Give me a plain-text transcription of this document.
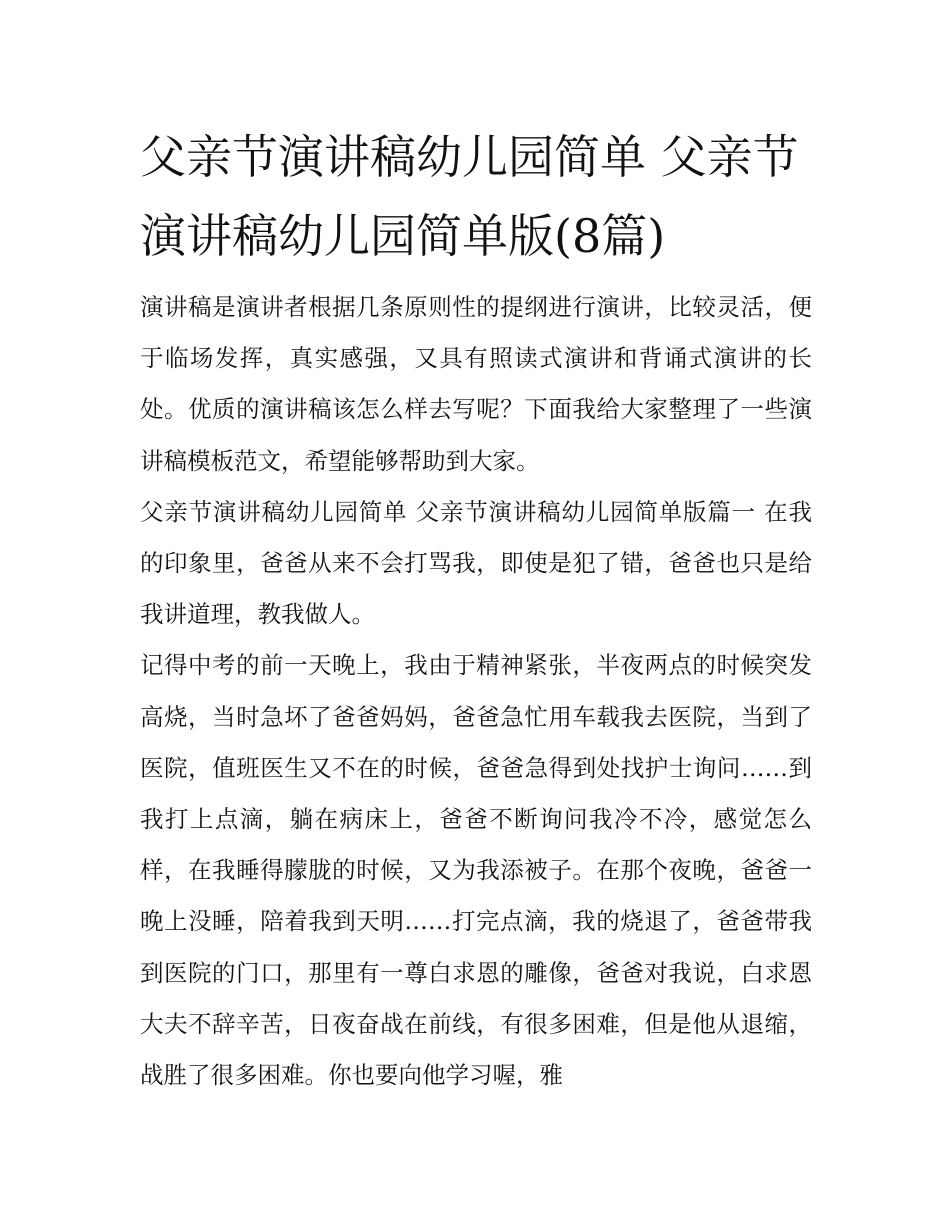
父亲节演讲稿幼儿园简单 父亲节演讲稿幼儿园简单版(8篇)

演讲稿是演讲者根据几条原则性的提纲进行演讲，比较灵活，便于临场发挥，真实感强，又具有照读式演讲和背诵式演讲的长处。优质的演讲稿该怎么样去写呢？下面我给大家整理了一些演讲稿模板范文，希望能够帮助到大家。

父亲节演讲稿幼儿园简单 父亲节演讲稿幼儿园简单版篇一 在我的印象里，爸爸从来不会打骂我，即使是犯了错，爸爸也只是给我讲道理，教我做人。

记得中考的前一天晚上，我由于精神紧张，半夜两点的时候突发高烧，当时急坏了爸爸妈妈，爸爸急忙用车载我去医院，当到了医院，值班医生又不在的时候，爸爸急得到处找护士询问……到我打上点滴，躺在病床上，爸爸不断询问我冷不冷，感觉怎么样，在我睡得朦胧的时候，又为我添被子。在那个夜晚，爸爸一晚上没睡，陪着我到天明……打完点滴，我的烧退了，爸爸带我到医院的门口，那里有一尊白求恩的雕像，爸爸对我说，白求恩大夫不辞辛苦，日夜奋战在前线，有很多困难，但是他从退缩，战胜了很多困难。你也要向他学习喔，雅
